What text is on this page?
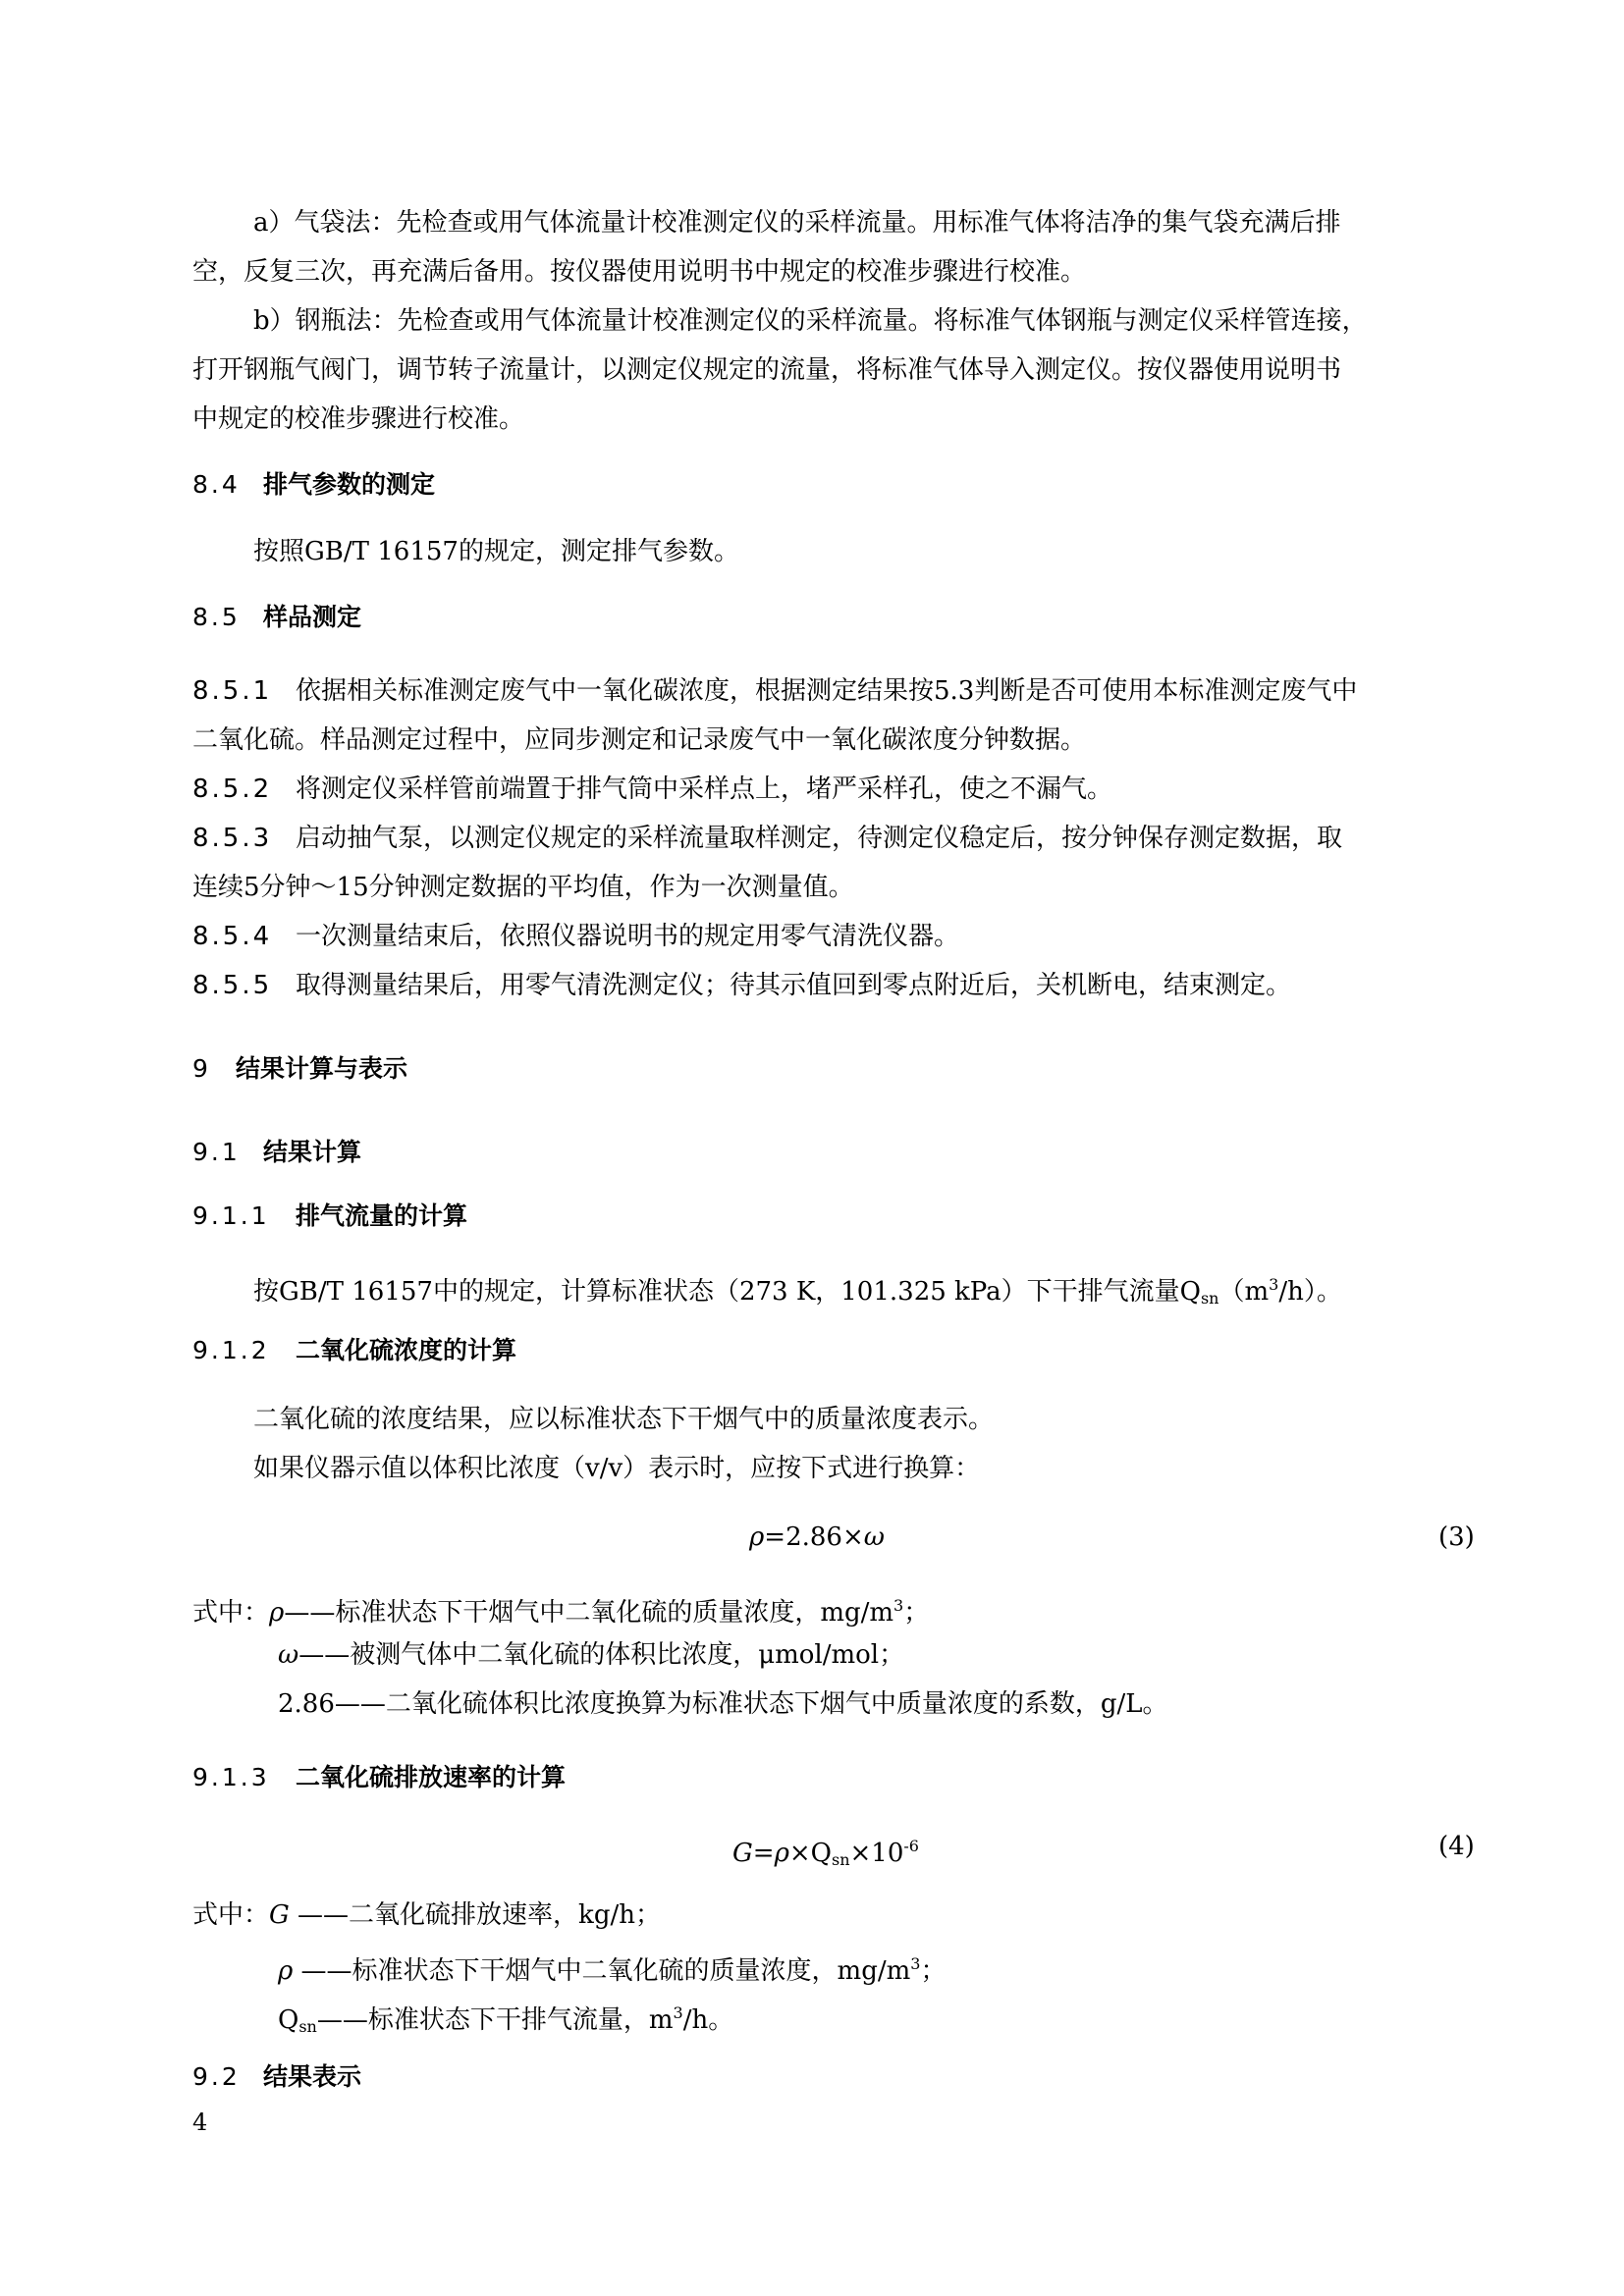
a）气袋法：先检查或用气体流量计校准测定仪的采样流量。用标准气体将洁净的集气袋充满后排
空，反复三次，再充满后备用。按仪器使用说明书中规定的校准步骤进行校准。
b）钢瓶法：先检查或用气体流量计校准测定仪的采样流量。将标准气体钢瓶与测定仪采样管连接，
打开钢瓶气阀门，调节转子流量计，以测定仪规定的流量，将标准气体导入测定仪。按仪器使用说明书
中规定的校准步骤进行校准。
8.4 排气参数的测定
按照GB/T 16157的规定，测定排气参数。
8.5 样品测定
8.5.1 依据相关标准测定废气中一氧化碳浓度，根据测定结果按5.3判断是否可使用本标准测定废气中
二氧化硫。样品测定过程中，应同步测定和记录废气中一氧化碳浓度分钟数据。
8.5.2 将测定仪采样管前端置于排气筒中采样点上，堵严采样孔，使之不漏气。
8.5.3 启动抽气泵，以测定仪规定的采样流量取样测定，待测定仪稳定后，按分钟保存测定数据，取
连续5分钟～15分钟测定数据的平均值，作为一次测量值。
8.5.4 一次测量结束后，依照仪器说明书的规定用零气清洗仪器。
8.5.5 取得测量结果后，用零气清洗测定仪；待其示值回到零点附近后，关机断电，结束测定。
9 结果计算与表示
9.1 结果计算
9.1.1 排气流量的计算
按GB/T 16157中的规定，计算标准状态（273 K，101.325 kPa）下干排气流量$Q_{sn}(m^3/h)$。
9.1.2 二氧化硫浓度的计算
二氧化硫的浓度结果，应以标准状态下干烟气中的质量浓度表示。
如果仪器示值以体积比浓度（v/v）表示时，应按下式进行换算：
ρ=2.86×ω	(3)
式中：ρ——标准状态下干烟气中二氧化硫的质量浓度，$mg/m^3$；
ω——被测气体中二氧化硫的体积比浓度，μmol/mol；
2.86——二氧化硫体积比浓度换算为标准状态下烟气中质量浓度的系数，g/L。
9.1.3 二氧化硫排放速率的计算
$G=\rho\times Q_{sn}\times 10^{-6}$	(4)
式中：G ——二氧化硫排放速率，kg/h；
ρ ——标准状态下干烟气中二氧化硫的质量浓度，$mg/m^3$；
$Q_{sn}——$标准状态下干排气流量，$m^3/h$。
9.2 结果表示
4
